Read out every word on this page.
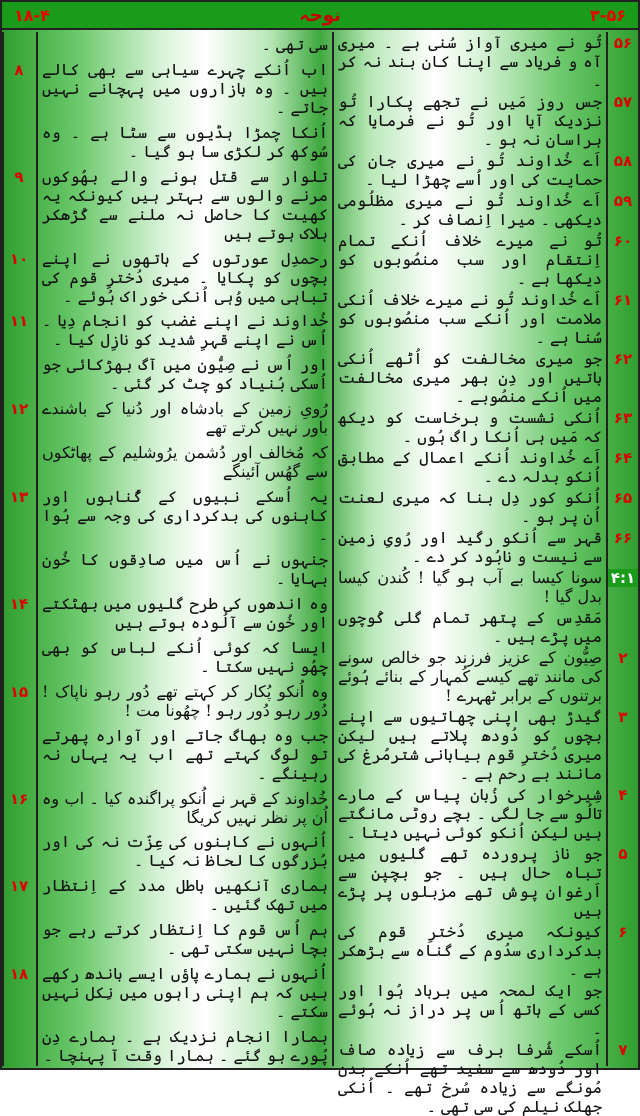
۱۸-۴	نوحہ	۳-۵۶
۸
۹
۱۰
۱۱
۱۲
۱۳
۱۴
۱۵
۱۶
۱۷
۱۸
سی تھی ۔
اب اُنکے چہرے سیاہی سے بھی کالے ہیں ۔ وہ بازاروں میں پہچانے نہیں جاتے ۔
اُنکا چمڑا ہڈیوں سے سٹا ہے ۔ وہ سُوکھ کر لکڑی سا ہو گیا ۔
تلوار سے قتل ہونے والے بھُوکوں مرنے والوں سے بہتر ہیں کیونکہ یہ کھیت کا حاصل نہ ملنے سے کُڑھکر ہلاک ہوتے ہیں
رحمدِل عورتوں کے ہاتھوں نے اپنے بچوں کو پکایا ۔ میری دُخترِ قوم کی تباہی میں وُہی اُنکی خوراک ہُوئے ۔
خُداوند نے اپنے غضب کو انجام دِیا ۔ اُس نے اپنے قہرِ شدید کو نازِل کیا ۔
اور اُس نے صِیُّون میں آگ بھڑکائی جو اُسکی بُنیاد کو چٹ کر گئی ۔
رُویِ زمین کے بادشاہ اور دُنیا کے باشندے باور نہیں کرتے تھے
کہ مُخالف اور دُشمن یرُوشلیم کے پھاٹکوں سے گھُس آئینگے
یہ اُسکے نبیوں کے گُناہوں اور کاہنوں کی بدکرداری کی وجہ سے ہُوا ۔
جنہوں نے اُس میں صادِقوں کا خُون بہایا ۔
وہ اندھوں کی طرح گلیوں میں بھٹکتے اور خُون سے آلُودہ ہوتے ہیں
ایسا کہ کوئی اُنکے لباس کو بھی چھُو نہیں سکتا ۔
وہ اُنکو پُکار کر کہتے تھے دُور رہو ناپاک ! دُور رہو دُور رہو ! چھُونا مت !
جب وہ بھاگ جاتے اور آوارہ پھرتے تو لوگ کہتے تھے اب یہ یہاں نہ رہینگے ۔
خُداوند کے قہر نے اُنکو پراگندہ کیا ۔ اب وہ اُن پر نظر نہیں کریگا
اُنہوں نے کاہنوں کی عِزّت نہ کی اور بُزرگوں کا لحاظ نہ کیا ۔
ہماری آنکھیں باطل مدد کے اِنتظار میں تھک گئیں ۔
ہم اُس قوم کا اِنتظار کرتے رہے جو بچا نہیں سکتی تھی ۔
اُنہوں نے ہمارے پاؤں ایسے باندھ رکھے ہیں کہ ہم اپنی راہوں میں نِکل نہیں سکتے ۔
ہمارا انجام نزدیک ہے ۔ ہمارے دِن پُورے ہو گئے ۔ ہمارا وقت آ پہنچا ۔
تُو نے میری آواز سُنی ہے ۔ میری آہ و فریاد سے اپنا کان بند نہ کر ۔
جس روز مَیں نے تجھے پکارا تُو نزدیک آیا اور تُو نے فرمایا کہ ہراسان نہ ہو ۔
اَے خُداوند تُو نے میری جان کی حمایت کی اور اُسے چھڑا لیا ۔
اَے خُداوند تُو نے میری مظلُومی دیکھی ۔ میرا اِنصاف کر ۔
تُو نے میرے خلاف اُنکے تمام اِنتقام اور سب منصُوبوں کو دیکھا ہے ۔
اَے خُداوند تُو نے میرے خلاف اُنکی ملامت اور اُنکے سب منصُوبوں کو سُنا ہے ۔
جو میری مخالفت کو اُٹھے اُنکی باتیں اور دِن بھر میری مخالفت میں اُنکے منصُوبے ۔
اُنکی نشست و برخاست کو دیکھ کہ مَیں ہی اُنکا راگ ہُوں ۔
اَے خُداوند اُنکے اعمال کے مطابق اُنکو بدلہ دے ۔
اُنکو کور دِل بنا کہ میری لعنت اُن پر ہو ۔
قہر سے اُنکو رگید اور رُویِ زمین سے نیست و نابُود کر دے ۔
سونا کیسا بے آب ہو گیا ! کُندن کیسا بدل گیا !
مَقدِس کے پتھر تمام گلی کُوچوں میں پڑے ہیں ۔
صِیُّون کے عزیز فرزند جو خالص سونے کی مانند تھے کیسے کُمہار کے بنائے ہُوئے برتنوں کے برابر ٹھہرے !
گیدڑ بھی اپنی چھاتیوں سے اپنے بچوں کو دُودھ پلاتے ہیں لیکن میری دُخترِ قوم بیابانی شترمُرغ کی مانند بے رحم ہے ۔
شِیرخوار کی زُبان پیاس کے مارے تالُو سے جا لگی ۔ بچے روٹی مانگتے ہیں لیکن اُنکو کوئی نہیں دیتا ۔
جو ناز پرورده تھے گلیوں میں تباہ حال ہیں ۔ جو بچپن سے اَرغوان پوش تھے مزبلوں پر پڑے ہیں
کیونکہ میری دُخترِ قوم کی بدکرداری سدُوم کے گناہ سے بڑھکر ہے ۔
جو ایک لمحہ میں برباد ہُوا اور کسی کے ہاتھ اُس پر دراز نہ ہُوئے ۔
اُسکے شُرفا برف سے زیادہ صاف اور دُودھ سے سفید تھے اُنکے بدن مُونگے سے زیادہ سُرخ تھے ۔ اُنکی جھلک نیلم کی سی تھی ۔
۵۶
۵۷
۵۸
۵۹
۶۰
۶۱
۶۲
۶۳
۶۴
۶۵
۶۶
۴:۱
۲
۳
۴
۵
۶
۷
